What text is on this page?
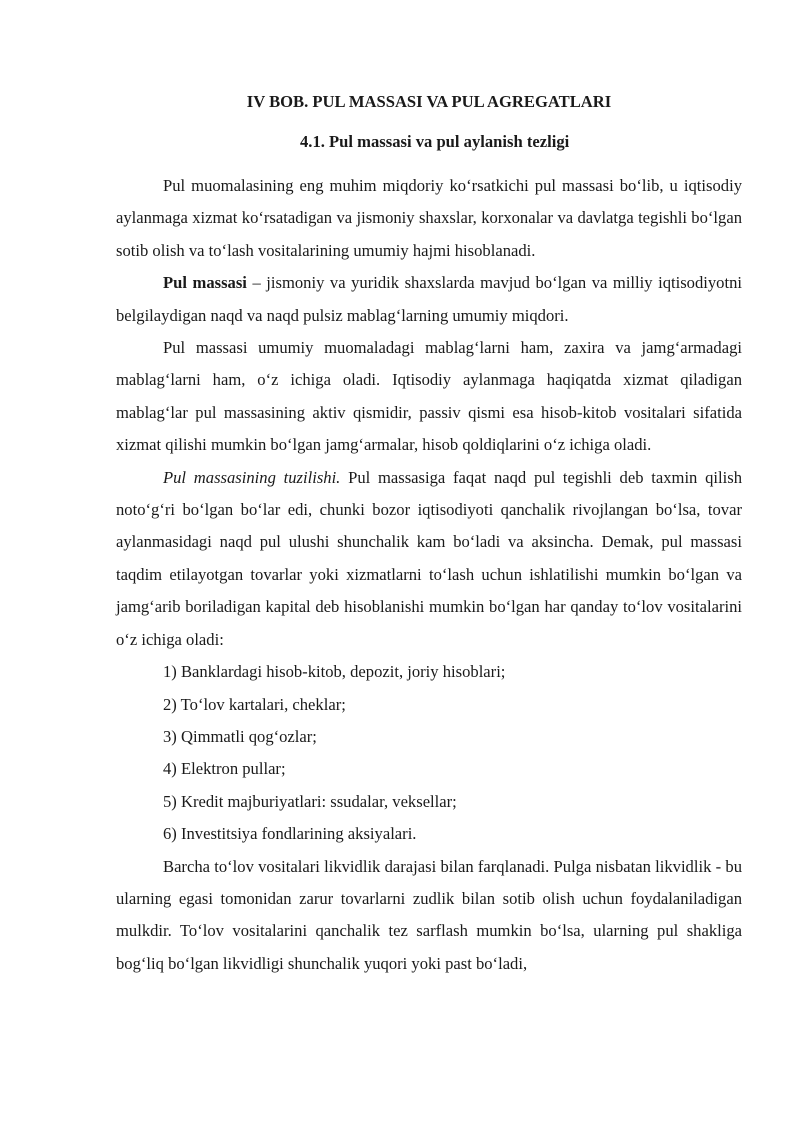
IV BOB. PUL MASSASI VA PUL AGREGATLARI
4.1. Pul massasi va pul aylanish tezligi

Pul muomalasining eng muhim miqdoriy ko‘rsatkichi pul massasi bo‘lib, u iqtisodiy aylanmaga xizmat ko‘rsatadigan va jismoniy shaxslar, korxonalar va davlatga tegishli bo‘lgan sotib olish va to‘lash vositalarining umumiy hajmi hisoblanadi.

Pul massasi – jismoniy va yuridik shaxslarda mavjud bo‘lgan va milliy iqtisodiyotni belgilaydigan naqd va naqd pulsiz mablag‘larning umumiy miqdori.

Pul massasi umumiy muomaladagi mablag‘larni ham, zaxira va jamg‘armadagi mablag‘larni ham, o‘z ichiga oladi. Iqtisodiy aylanmaga haqiqatda xizmat qiladigan mablag‘lar pul massasining aktiv qismidir, passiv qismi esa hisob-kitob vositalari sifatida xizmat qilishi mumkin bo‘lgan jamg‘armalar, hisob qoldiqlarini o‘z ichiga oladi.

Pul massasining tuzilishi. Pul massasiga faqat naqd pul tegishli deb taxmin qilish noto‘g‘ri bo‘lgan bo‘lar edi, chunki bozor iqtisodiyoti qanchalik rivojlangan bo‘lsa, tovar aylanmasidagi naqd pul ulushi shunchalik kam bo‘ladi va aksincha. Demak, pul massasi taqdim etilayotgan tovarlar yoki xizmatlarni to‘lash uchun ishlatilishi mumkin bo‘lgan va jamg‘arib boriladigan kapital deb hisoblanishi mumkin bo‘lgan har qanday to‘lov vositalarini o‘z ichiga oladi:

1) Banklardagi hisob-kitob, depozit, joriy hisoblari;
2) To‘lov kartalari, cheklar;
3) Qimmatli qog‘ozlar;
4) Elektron pullar;
5) Kredit majburiyatlari: ssudalar, veksellar;
6) Investitsiya fondlarining aksiyalari.

Barcha to‘lov vositalari likvidlik darajasi bilan farqlanadi. Pulga nisbatan likvidlik - bu ularning egasi tomonidan zarur tovarlarni zudlik bilan sotib olish uchun foydalaniladigan mulkdir. To‘lov vositalarini qanchalik tez sarflash mumkin bo‘lsa, ularning pul shakliga bog‘liq bo‘lgan likvidligi shunchalik yuqori yoki past bo‘ladi,
